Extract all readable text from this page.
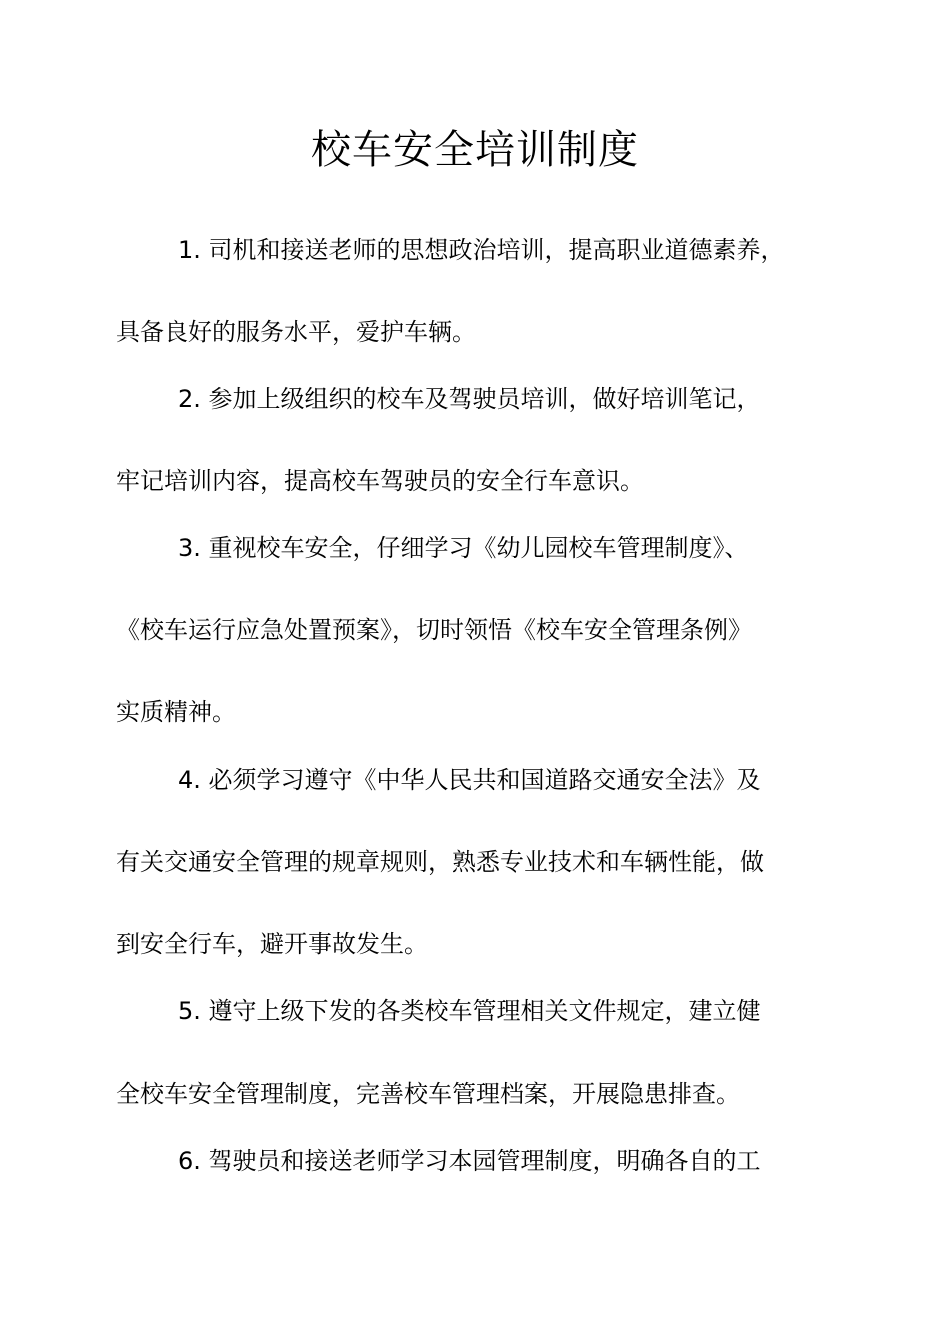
校车安全培训制度
1. 司机和接送老师的思想政治培训，提高职业道德素养，
具备良好的服务水平，爱护车辆。
2. 参加上级组织的校车及驾驶员培训，做好培训笔记，
牢记培训内容，提高校车驾驶员的安全行车意识。
3. 重视校车安全，仔细学习《幼儿园校车管理制度》、
《校车运行应急处置预案》，切时领悟《校车安全管理条例》
实质精神。
4. 必须学习遵守《中华人民共和国道路交通安全法》及
有关交通安全管理的规章规则，熟悉专业技术和车辆性能，做
到安全行车，避开事故发生。
5. 遵守上级下发的各类校车管理相关文件规定，建立健
全校车安全管理制度，完善校车管理档案，开展隐患排查。
6. 驾驶员和接送老师学习本园管理制度，明确各自的工
